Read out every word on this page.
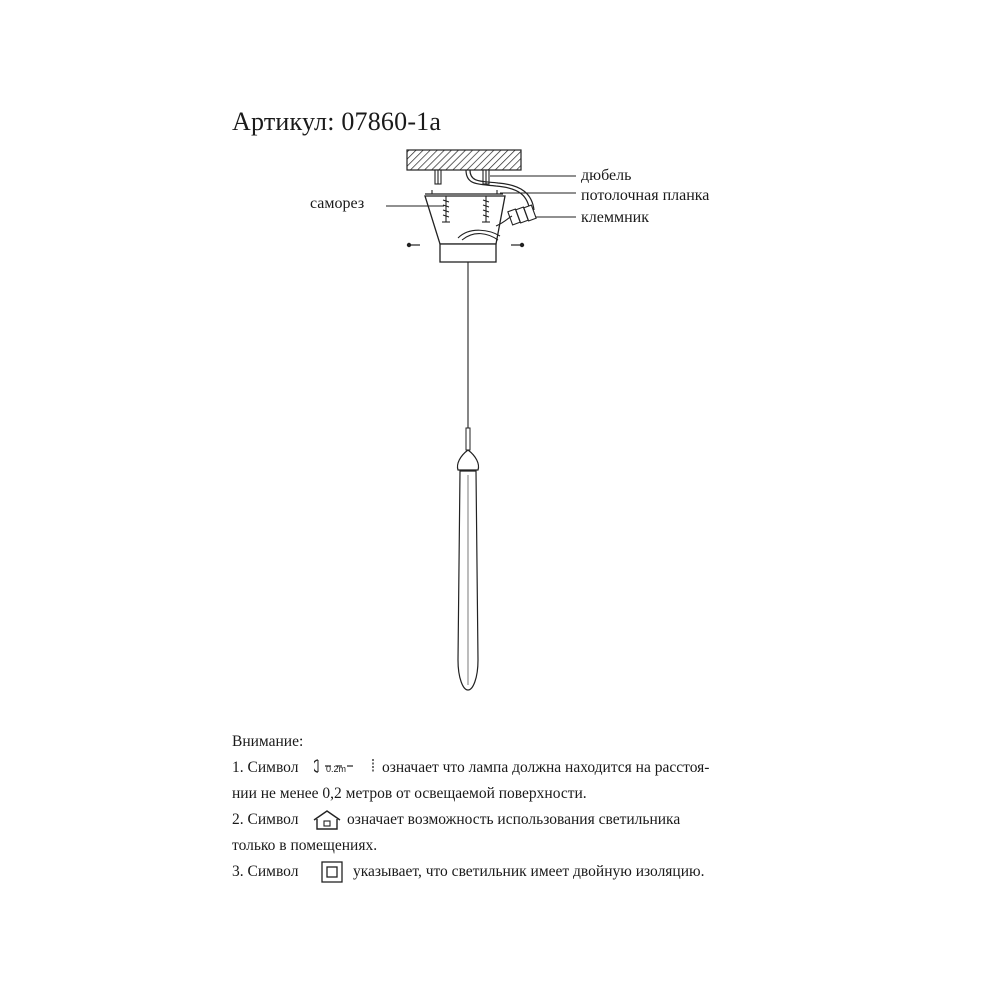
Артикул: 07860-1а
саморез
дюбель
потолочная планка
клеммник
Внимание:
1. Символ	0.2m означает что лампа должна находится на расстоя-
нии не менее 0,2 метров от освещаемой поверхности.
2. Символ	означает возможность использования светильника
только в помещениях.
3. Символ	указывает, что светильник имеет двойную изоляцию.
